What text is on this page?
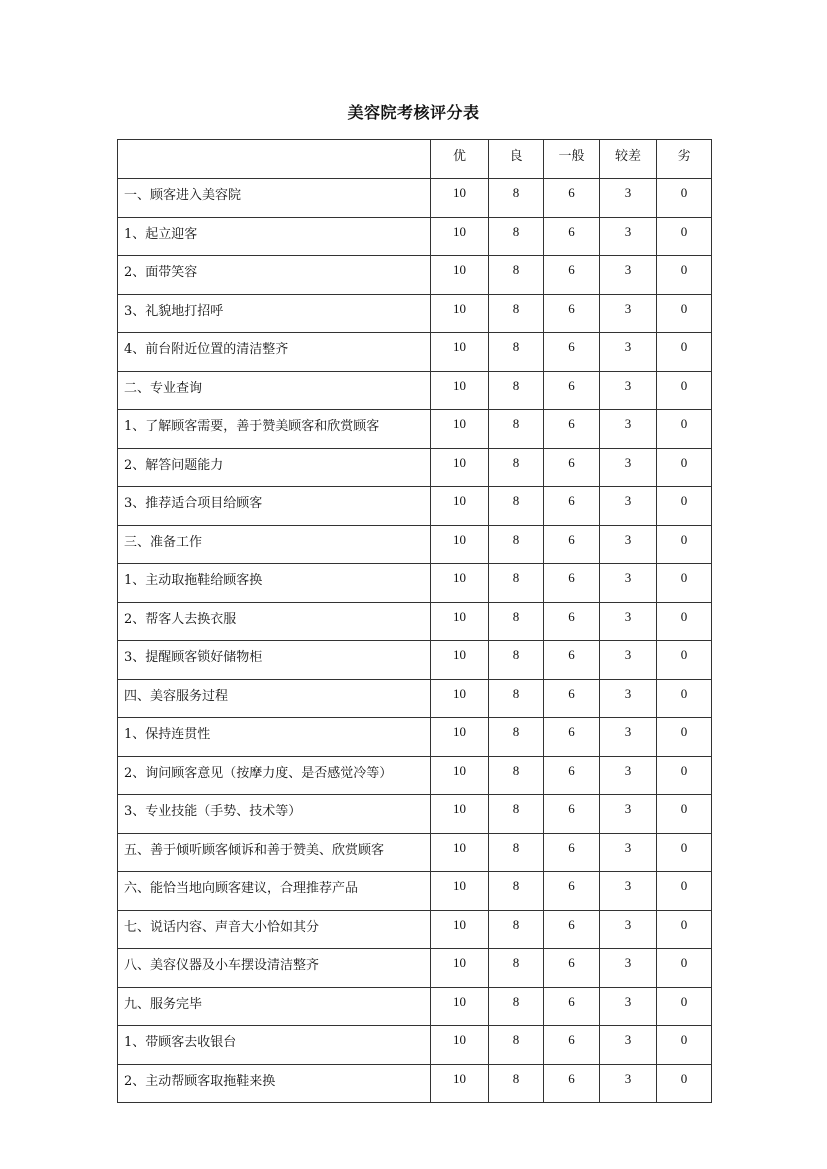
美容院考核评分表
	优	良	一般	较差	劣
一、顾客进入美容院	10	8	6	3	0
1、起立迎客	10	8	6	3	0
2、面带笑容	10	8	6	3	0
3、礼貌地打招呼	10	8	6	3	0
4、前台附近位置的清洁整齐	10	8	6	3	0
二、专业查询	10	8	6	3	0
1、了解顾客需要，善于赞美顾客和欣赏顾客	10	8	6	3	0
2、解答问题能力	10	8	6	3	0
3、推荐适合项目给顾客	10	8	6	3	0
三、准备工作	10	8	6	3	0
1、主动取拖鞋给顾客换	10	8	6	3	0
2、帮客人去换衣服	10	8	6	3	0
3、提醒顾客锁好储物柜	10	8	6	3	0
四、美容服务过程	10	8	6	3	0
1、保持连贯性	10	8	6	3	0
2、询问顾客意见（按摩力度、是否感觉冷等）	10	8	6	3	0
3、专业技能（手势、技术等）	10	8	6	3	0
五、善于倾听顾客倾诉和善于赞美、欣赏顾客	10	8	6	3	0
六、能恰当地向顾客建议，合理推荐产品	10	8	6	3	0
七、说话内容、声音大小恰如其分	10	8	6	3	0
八、美容仪器及小车摆设清洁整齐	10	8	6	3	0
九、服务完毕	10	8	6	3	0
1、带顾客去收银台	10	8	6	3	0
2、主动帮顾客取拖鞋来换	10	8	6	3	0
